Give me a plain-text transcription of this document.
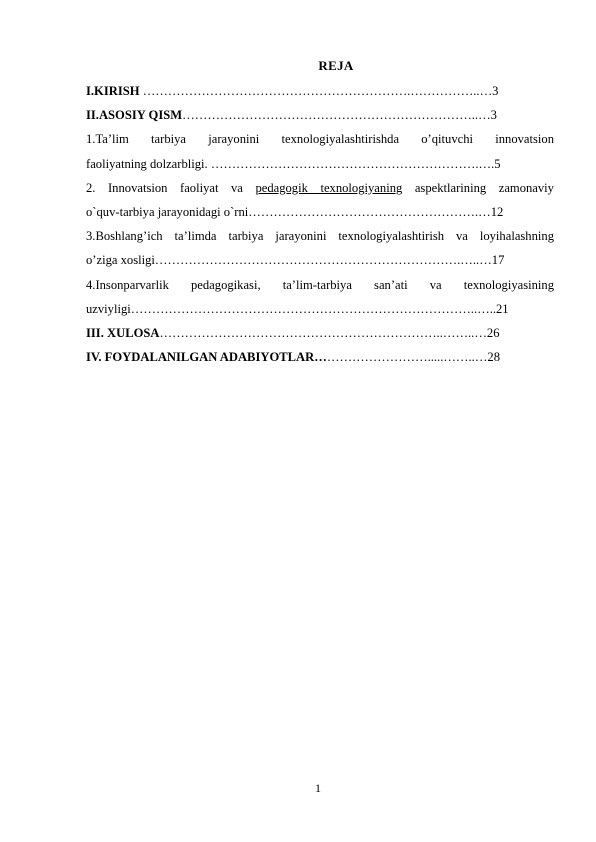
REJA
I.KIRISH ……………………………………………………….……………..…3
II.ASOSIY QISM……………………………………………………………..…3
1.Ta’lim tarbiya jarayonini texnologiyalashtirishda o’qituvchi innovatsion
faoliyatning dolzarbligi. ……………………………………………………….….5
2. Innovatsion faoliyat va pedagogik texnologiyaning aspektlarining zamonaviy
o`quv-tarbiya jarayonidagi o`rni……………………………………………….…12
3.Boshlang’ich ta’limda tarbiya jarayonini texnologiyalashtirish va loyihalashning
o’ziga xosligi……………………………………………………………….…..…17
4.Insonparvarlik pedagogikasi, ta’lim-tarbiya san’ati va texnologiyasining
uzviyligi………………………………………………………………………..…..21
III. XULOSA…………………………………………………………..……..…26
IV. FOYDALANILGAN ADABIYOTLAR……………………….....……..…28
1
